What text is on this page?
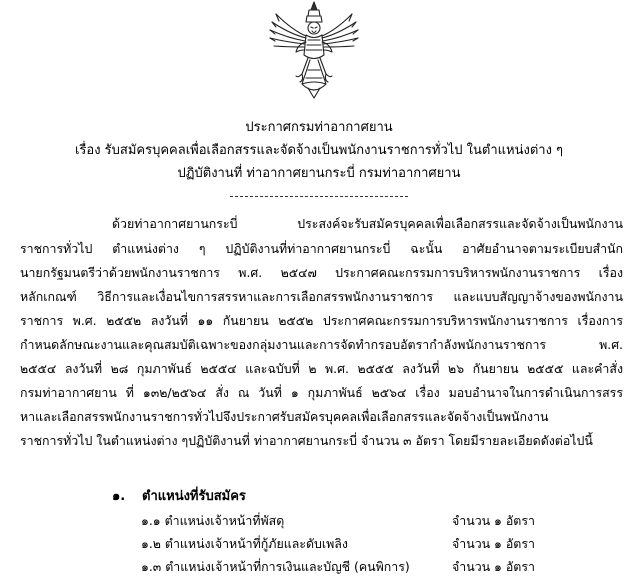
ประกาศกรมท่าอากาศยาน
เรื่อง รับสมัครบุคคลเพื่อเลือกสรรและจัดจ้างเป็นพนักงานราชการทั่วไป ในตำแหน่งต่าง ๆ
ปฏิบัติงานที่ ท่าอากาศยานกระบี่ กรมท่าอากาศยาน
ด้วยท่าอากาศยานกระบี่ ประสงค์จะรับสมัครบุคคลเพื่อเลือกสรรและจัดจ้างเป็นพนักงาน
ราชการทั่วไป ตำแหน่งต่าง ๆ ปฏิบัติงานที่ท่าอากาศยานกระบี่ ฉะนั้น อาศัยอำนาจตามระเบียบสำนัก
นายกรัฐมนตรีว่าด้วยพนักงานราชการ พ.ศ. ๒๕๔๗ ประกาศคณะกรรมการบริหารพนักงานราชการ เรื่อง
หลักเกณฑ์ วิธีการและเงื่อนไขการสรรหาและการเลือกสรรพนักงานราชการ และแบบสัญญาจ้างของพนักงาน
ราชการ พ.ศ. ๒๕๕๒ ลงวันที่ ๑๑ กันยายน ๒๕๕๒ ประกาศคณะกรรมการบริหารพนักงานราชการ เรื่องการ
กำหนดลักษณะงานและคุณสมบัติเฉพาะของกลุ่มงานและการจัดทำกรอบอัตรากำลังพนักงานราชการ พ.ศ.
๒๕๕๔ ลงวันที่ ๒๘ กุมภาพันธ์ ๒๕๕๔ และฉบับที่ ๒ พ.ศ. ๒๕๕๕ ลงวันที่ ๒๖ กันยายน ๒๕๕๕ และคำสั่ง
กรมท่าอากาศยาน ที่ ๑๓๒/๒๕๖๔ สั่ง ณ วันที่ ๑ กุมภาพันธ์ ๒๕๖๔ เรื่อง มอบอำนาจในการดำเนินการสรร
หาและเลือกสรรพนักงานราชการทั่วไปจึงประกาศรับสมัครบุคคลเพื่อเลือกสรรและจัดจ้างเป็นพนักงาน
ราชการทั่วไป ในตำแหน่งต่าง ๆปฏิบัติงานที่ ท่าอากาศยานกระบี่ จำนวน ๓ อัตรา โดยมีรายละเอียดดังต่อไปนี้
๑. ตำแหน่งที่รับสมัคร
๑.๑ ตำแหน่งเจ้าหน้าที่พัสดุ	จำนวน ๑ อัตรา
๑.๒ ตำแหน่งเจ้าหน้าที่กู้ภัยและดับเพลิง	จำนวน ๑ อัตรา
๑.๓ ตำแหน่งเจ้าหน้าที่การเงินและบัญชี (คนพิการ)	จำนวน ๑ อัตรา
